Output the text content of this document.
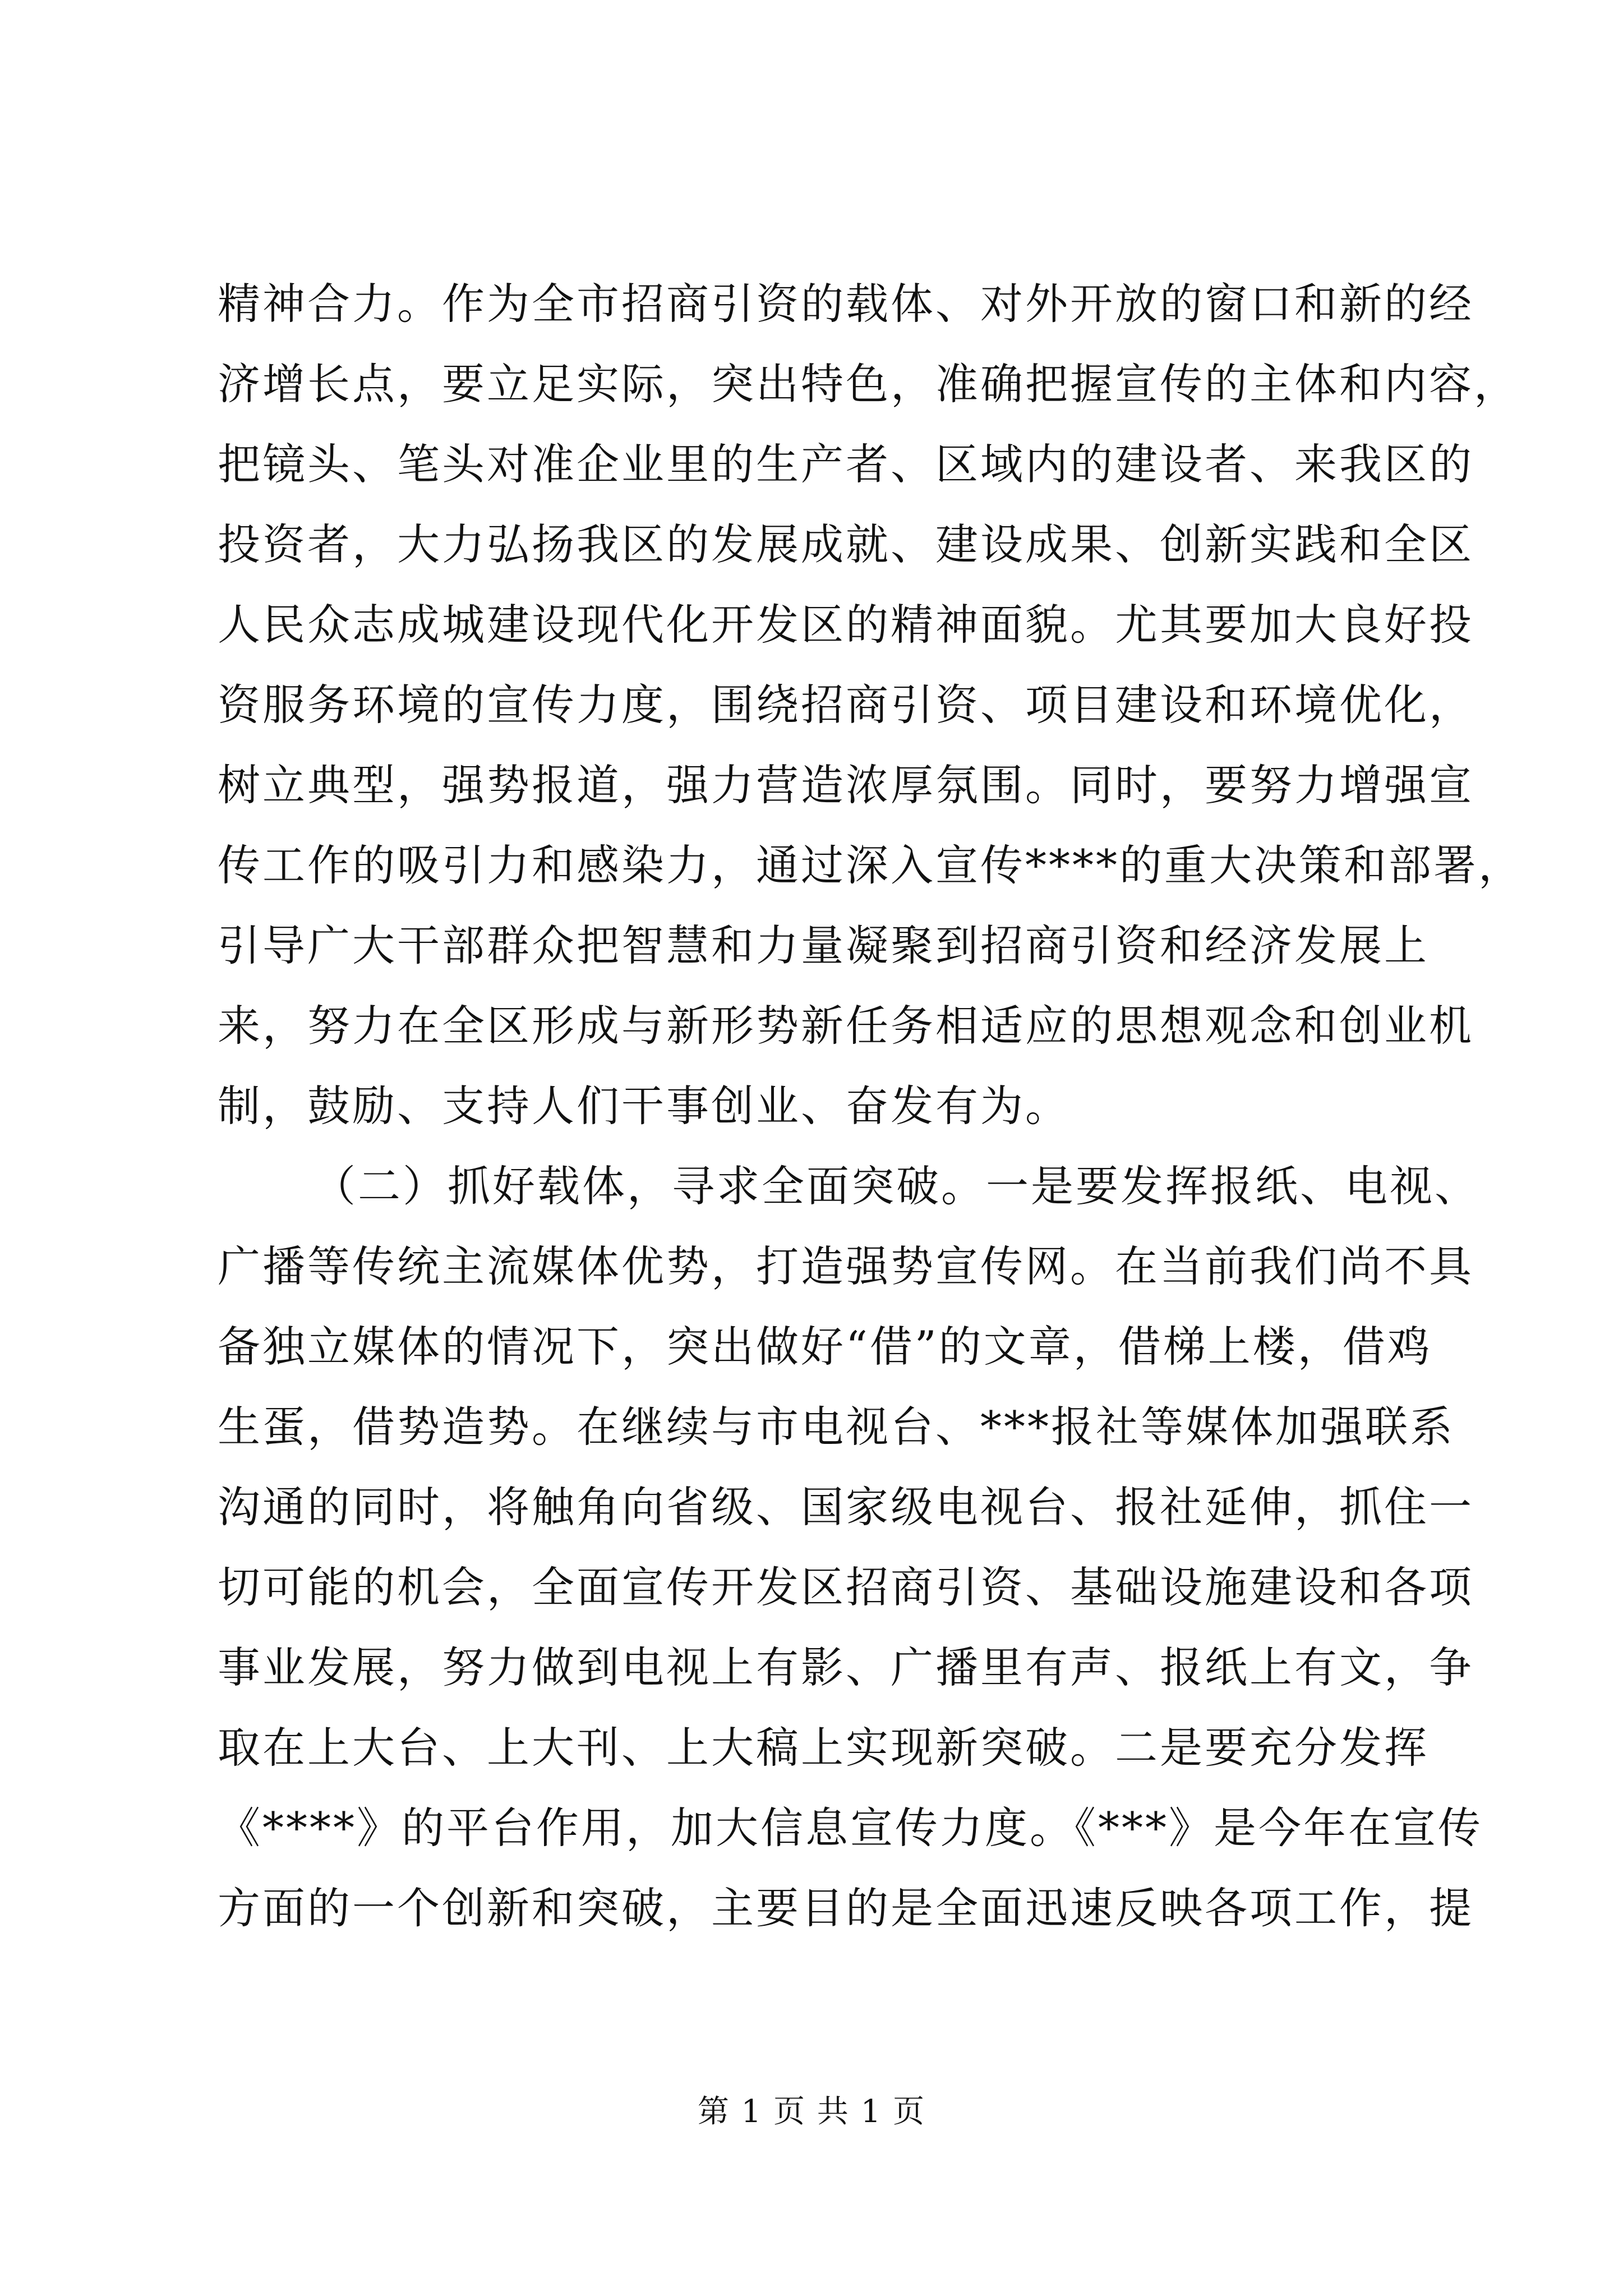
精神合力。作为全市招商引资的载体、对外开放的窗口和新的经
济增长点，要立足实际，突出特色，准确把握宣传的主体和内容，
把镜头、笔头对准企业里的生产者、区域内的建设者、来我区的
投资者，大力弘扬我区的发展成就、建设成果、创新实践和全区
人民众志成城建设现代化开发区的精神面貌。尤其要加大良好投
资服务环境的宣传力度，围绕招商引资、项目建设和环境优化，
树立典型，强势报道，强力营造浓厚氛围。同时，要努力增强宣
传工作的吸引力和感染力，通过深入宣传****的重大决策和部署，
引导广大干部群众把智慧和力量凝聚到招商引资和经济发展上
来，努力在全区形成与新形势新任务相适应的思想观念和创业机
制，鼓励、支持人们干事创业、奋发有为。
（二）抓好载体，寻求全面突破。一是要发挥报纸、电视、
广播等传统主流媒体优势，打造强势宣传网。在当前我们尚不具
备独立媒体的情况下，突出做好“借”的文章，借梯上楼，借鸡
生蛋，借势造势。在继续与市电视台、***报社等媒体加强联系
沟通的同时，将触角向省级、国家级电视台、报社延伸，抓住一
切可能的机会，全面宣传开发区招商引资、基础设施建设和各项
事业发展，努力做到电视上有影、广播里有声、报纸上有文，争
取在上大台、上大刊、上大稿上实现新突破。二是要充分发挥
《****》的平台作用，加大信息宣传力度。《***》是今年在宣传
方面的一个创新和突破，主要目的是全面迅速反映各项工作，提
第 1 页 共 1 页
